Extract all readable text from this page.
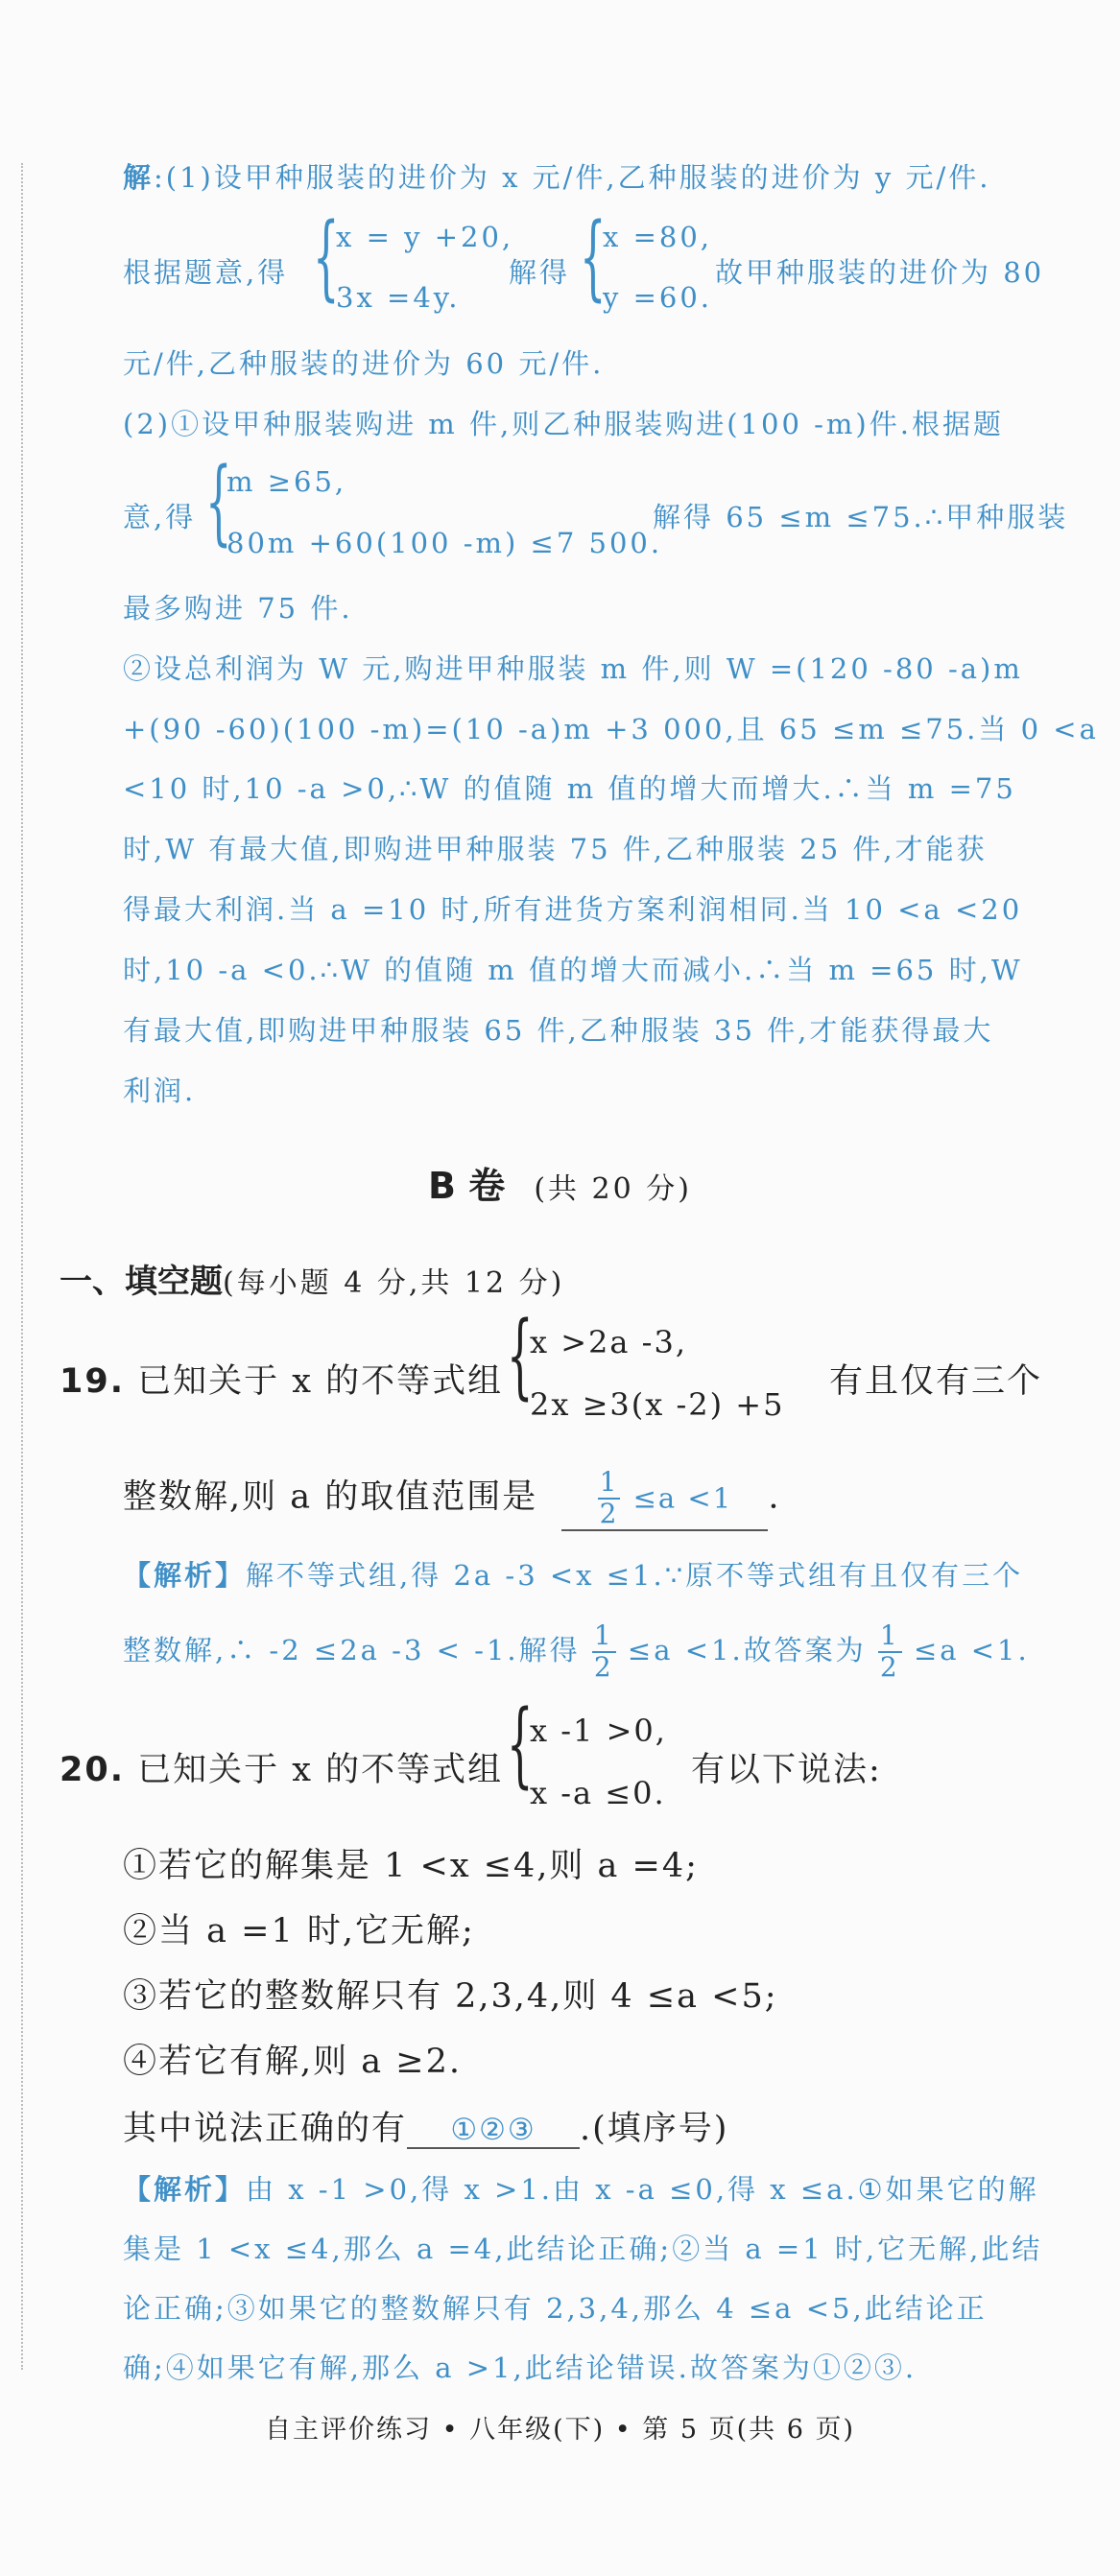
解:(1)设甲种服装的进价为 x 元/件,乙种服装的进价为 y 元/件.
根据题意,得 {
x = y +20,
3x =4y.
解得 {
x =80,
y =60.
故甲种服装的进价为 80
元/件,乙种服装的进价为 60 元/件.
(2)①设甲种服装购进 m 件,则乙种服装购进(100 -m)件.根据题
意,得 {
m ≥65,
80m +60(100 -m) ≤7 500.
解得 65 ≤m ≤75.∴甲种服装
最多购进 75 件.
②设总利润为 W 元,购进甲种服装 m 件,则 W =(120 -80 -a)m
+(90 -60)(100 -m)=(10 -a)m +3 000,且 65 ≤m ≤75.当 0 <a
<10 时,10 -a >0,∴W 的值随 m 值的增大而增大.∴当 m =75
时,W 有最大值,即购进甲种服装 75 件,乙种服装 25 件,才能获
得最大利润.当 a =10 时,所有进货方案利润相同.当 10 <a <20
时,10 -a <0.∴W 的值随 m 值的增大而减小.∴当 m =65 时,W
有最大值,即购进甲种服装 65 件,乙种服装 35 件,才能获得最大
利润.
B 卷 (共 20 分)
一、填空题(每小题 4 分,共 12 分)
19. 已知关于 x 的不等式组 {
x >2a -3,
2x ≥3(x -2) +5
有且仅有三个
整数解,则 a 的取值范围是 $\frac{1}{2} \le a <1$ .
【解析】解不等式组,得 2a -3 <x ≤1.∵原不等式组有且仅有三个
整数解,∴ -2 ≤2a -3 < -1.解得 $\frac{1}{2} \le a <1$.故答案为 $\frac{1}{2} \le a <1$.
20. 已知关于 x 的不等式组 {
x -1 >0,
x -a ≤0.
有以下说法:
①若它的解集是 1 <x ≤4,则 a =4;
②当 a =1 时,它无解;
③若它的整数解只有 2,3,4,则 4 ≤a <5;
④若它有解,则 a ≥2.
其中说法正确的有 ①②③ .(填序号)
【解析】由 x -1 >0,得 x >1.由 x -a ≤0,得 x ≤a.①如果它的解
集是 1 <x ≤4,那么 a =4,此结论正确;②当 a =1 时,它无解,此结
论正确;③如果它的整数解只有 2,3,4,那么 4 ≤a <5,此结论正
确;④如果它有解,那么 a >1,此结论错误.故答案为①②③.
自主评价练习 • 八年级(下) • 第 5 页(共 6 页)
